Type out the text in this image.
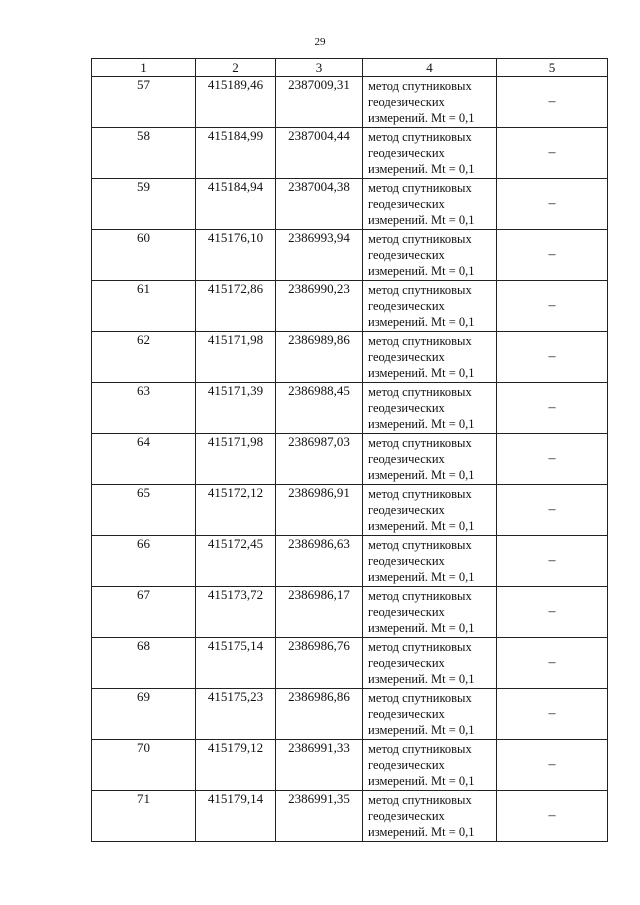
29
1	2	3	4	5
57	415189,46	2387009,31	метод спутниковых
геодезических
измерений. Mt = 0,1	–
58	415184,99	2387004,44	метод спутниковых
геодезических
измерений. Mt = 0,1	–
59	415184,94	2387004,38	метод спутниковых
геодезических
измерений. Mt = 0,1	–
60	415176,10	2386993,94	метод спутниковых
геодезических
измерений. Mt = 0,1	–
61	415172,86	2386990,23	метод спутниковых
геодезических
измерений. Mt = 0,1	–
62	415171,98	2386989,86	метод спутниковых
геодезических
измерений. Mt = 0,1	–
63	415171,39	2386988,45	метод спутниковых
геодезических
измерений. Mt = 0,1	–
64	415171,98	2386987,03	метод спутниковых
геодезических
измерений. Mt = 0,1	–
65	415172,12	2386986,91	метод спутниковых
геодезических
измерений. Mt = 0,1	–
66	415172,45	2386986,63	метод спутниковых
геодезических
измерений. Mt = 0,1	–
67	415173,72	2386986,17	метод спутниковых
геодезических
измерений. Mt = 0,1	–
68	415175,14	2386986,76	метод спутниковых
геодезических
измерений. Mt = 0,1	–
69	415175,23	2386986,86	метод спутниковых
геодезических
измерений. Mt = 0,1	–
70	415179,12	2386991,33	метод спутниковых
геодезических
измерений. Mt = 0,1	–
71	415179,14	2386991,35	метод спутниковых
геодезических
измерений. Mt = 0,1	–
